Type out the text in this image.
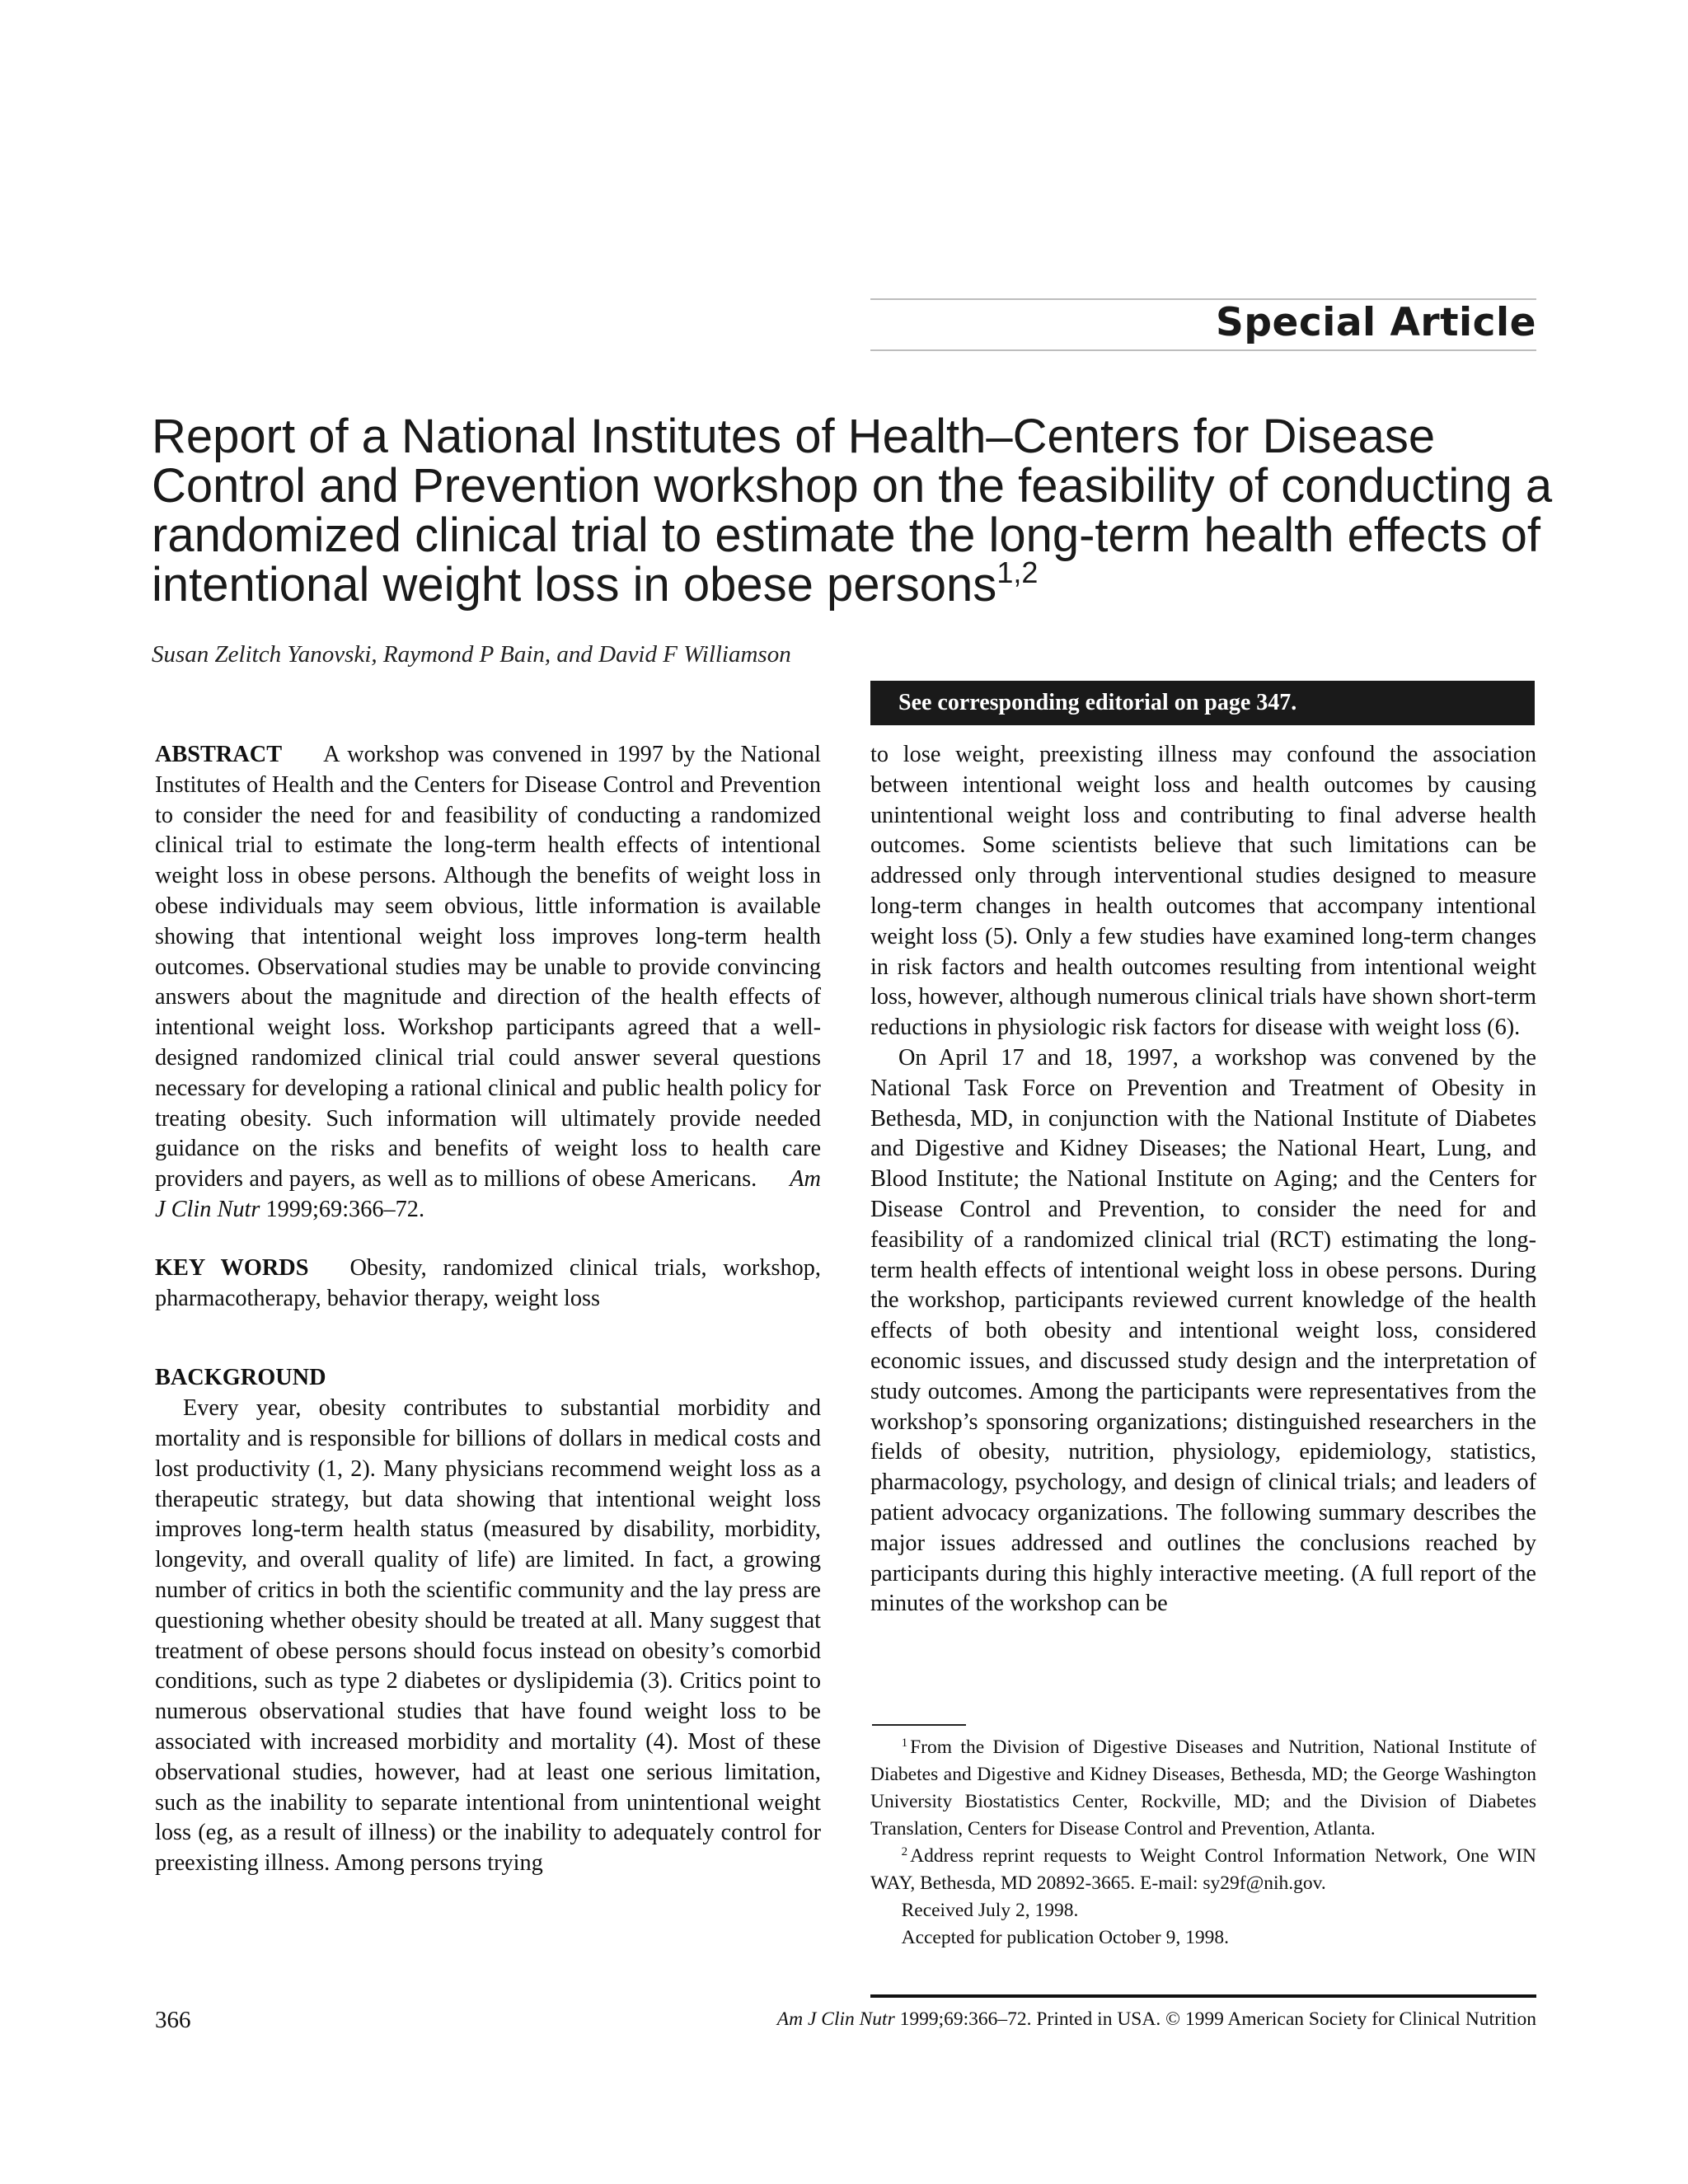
Special Article
Report of a National Institutes of Health–Centers for Disease Control and Prevention workshop on the feasibility of conducting a randomized clinical trial to estimate the long-term health effects of intentional weight loss in obese persons$^{1,2}$
Susan Zelitch Yanovski, Raymond P Bain, and David F Williamson
See corresponding editorial on page 347.

ABSTRACT A workshop was convened in 1997 by the National Institutes of Health and the Centers for Disease Control and Prevention to consider the need for and feasibility of conducting a randomized clinical trial to estimate the long-term health effects of intentional weight loss in obese persons. Although the benefits of weight loss in obese individuals may seem obvious, little information is available showing that intentional weight loss improves long-term health outcomes. Observational studies may be unable to provide convincing answers about the magnitude and direction of the health effects of intentional weight loss. Workshop participants agreed that a well-designed randomized clinical trial could answer several questions necessary for developing a rational clinical and public health policy for treating obesity. Such information will ultimately provide needed guidance on the risks and benefits of weight loss to health care providers and payers, as well as to millions of obese Americans. Am J Clin Nutr 1999;69:366–72.

KEY WORDS Obesity, randomized clinical trials, workshop, pharmacotherapy, behavior therapy, weight loss

BACKGROUND

Every year, obesity contributes to substantial morbidity and mortality and is responsible for billions of dollars in medical costs and lost productivity (1, 2). Many physicians recommend weight loss as a therapeutic strategy, but data showing that intentional weight loss improves long-term health status (measured by disability, morbidity, longevity, and overall quality of life) are limited. In fact, a growing number of critics in both the scientific community and the lay press are questioning whether obesity should be treated at all. Many suggest that treatment of obese persons should focus instead on obesity’s comorbid conditions, such as type 2 diabetes or dyslipidemia (3). Critics point to numerous observational studies that have found weight loss to be associated with increased morbidity and mortality (4). Most of these observational studies, however, had at least one serious limitation, such as the inability to separate intentional from unintentional weight loss (eg, as a result of illness) or the inability to adequately control for preexisting illness. Among persons trying

to lose weight, preexisting illness may confound the association between intentional weight loss and health outcomes by causing unintentional weight loss and contributing to final adverse health outcomes. Some scientists believe that such limitations can be addressed only through interventional studies designed to measure long-term changes in health outcomes that accompany intentional weight loss (5). Only a few studies have examined long-term changes in risk factors and health outcomes resulting from intentional weight loss, however, although numerous clinical trials have shown short-term reductions in physiologic risk factors for disease with weight loss (6).

On April 17 and 18, 1997, a workshop was convened by the National Task Force on Prevention and Treatment of Obesity in Bethesda, MD, in conjunction with the National Institute of Diabetes and Digestive and Kidney Diseases; the National Heart, Lung, and Blood Institute; the National Institute on Aging; and the Centers for Disease Control and Prevention, to consider the need for and feasibility of a randomized clinical trial (RCT) estimating the long-term health effects of intentional weight loss in obese persons. During the workshop, participants reviewed current knowledge of the health effects of both obesity and intentional weight loss, considered economic issues, and discussed study design and the interpretation of study outcomes. Among the participants were representatives from the workshop’s sponsoring organizations; distinguished researchers in the fields of obesity, nutrition, physiology, epidemiology, statistics, pharmacology, psychology, and design of clinical trials; and leaders of patient advocacy organizations. The following summary describes the major issues addressed and outlines the conclusions reached by participants during this highly interactive meeting. (A full report of the minutes of the workshop can be

$^1$ From the Division of Digestive Diseases and Nutrition, National Institute of Diabetes and Digestive and Kidney Diseases, Bethesda, MD; the George Washington University Biostatistics Center, Rockville, MD; and the Division of Diabetes Translation, Centers for Disease Control and Prevention, Atlanta.

$^2$ Address reprint requests to Weight Control Information Network, One WIN WAY, Bethesda, MD 20892-3665. E-mail: sy29f@nih.gov.

Received July 2, 1998.

Accepted for publication October 9, 1998.

366	Am J Clin Nutr 1999;69:366–72. Printed in USA. © 1999 American Society for Clinical Nutrition
